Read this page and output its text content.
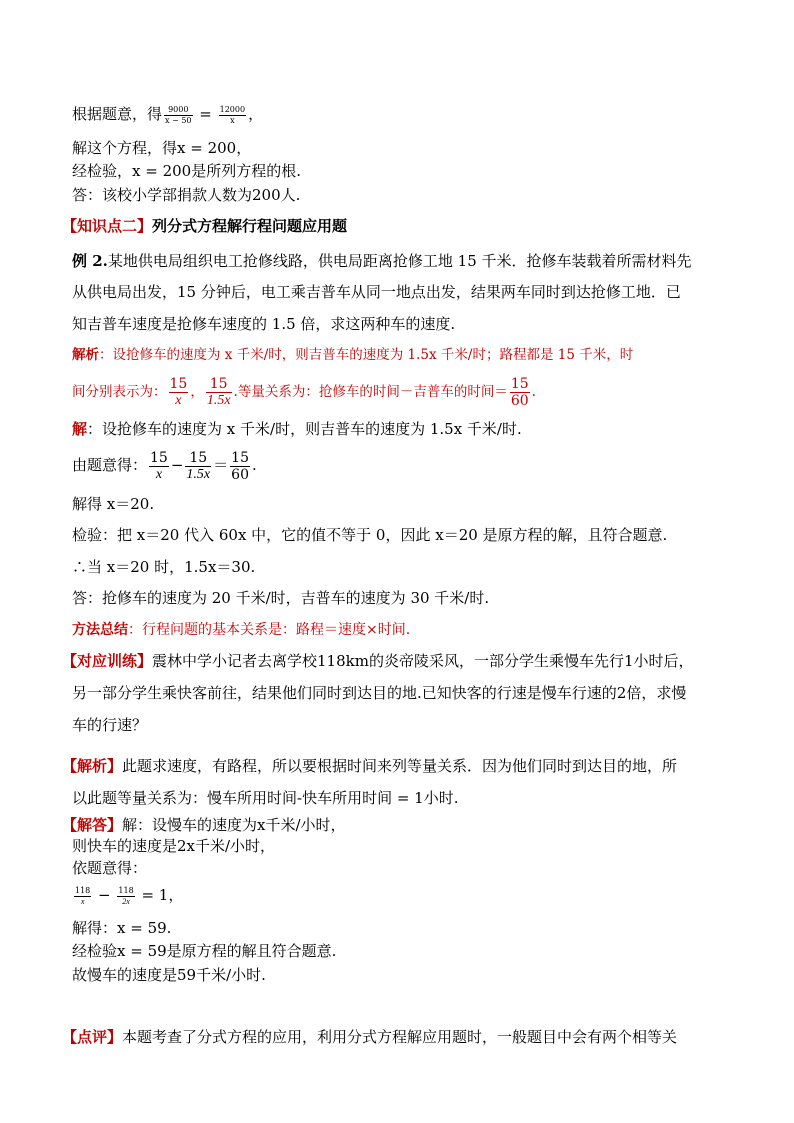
根据题意，得 $\frac{9000}{x - 50} = \frac{12000}{x}$ ，
解这个方程，得x = 200，
经检验，x = 200是所列方程的根.
答：该校小学部捐款人数为200人.
【知识点二】列分式方程解行程问题应用题
例 2.某地供电局组织电工抢修线路，供电局距离抢修工地 15 千米．抢修车装载着所需材料先
从供电局出发，15 分钟后，电工乘吉普车从同一地点出发，结果两车同时到达抢修工地．已
知吉普车速度是抢修车速度的 1.5 倍，求这两种车的速度.
解析：设抢修车的速度为 x 千米/时，则吉普车的速度为 1.5x 千米/时；路程都是 15 千米，时
间分别表示为： $\frac{15}{x}$ ， $\frac{15}{1.5x}$ .等量关系为：抢修车的时间－吉普车的时间＝ $\frac{15}{60}$ .
解：设抢修车的速度为 x 千米/时，则吉普车的速度为 1.5x 千米/时.
由题意得： $\frac{15}{x} - \frac{15}{1.5x} = \frac{15}{60}$ .
解得 x＝20.
检验：把 x＝20 代入 60x 中，它的值不等于 0，因此 x＝20 是原方程的解，且符合题意.
∴当 x＝20 时，1.5x＝30.
答：抢修车的速度为 20 千米/时，吉普车的速度为 30 千米/时.
方法总结：行程问题的基本关系是：路程＝速度×时间.
【对应训练】震林中学小记者去离学校118km的炎帝陵采风，一部分学生乘慢车先行1小时后，
另一部分学生乘快客前往，结果他们同时到达目的地.已知快客的行速是慢车行速的2倍，求慢
车的行速？
【解析】此题求速度，有路程，所以要根据时间来列等量关系．因为他们同时到达目的地，所
以此题等量关系为：慢车所用时间-快车所用时间 = 1小时.
【解答】解：设慢车的速度为x千米/小时，
则快车的速度是2x千米/小时，
依题意得：
$\frac{118}{x} - \frac{118}{2x} = 1$，
解得：x = 59.
经检验x = 59是原方程的解且符合题意.
故慢车的速度是59千米/小时.
【点评】本题考查了分式方程的应用，利用分式方程解应用题时，一般题目中会有两个相等关
